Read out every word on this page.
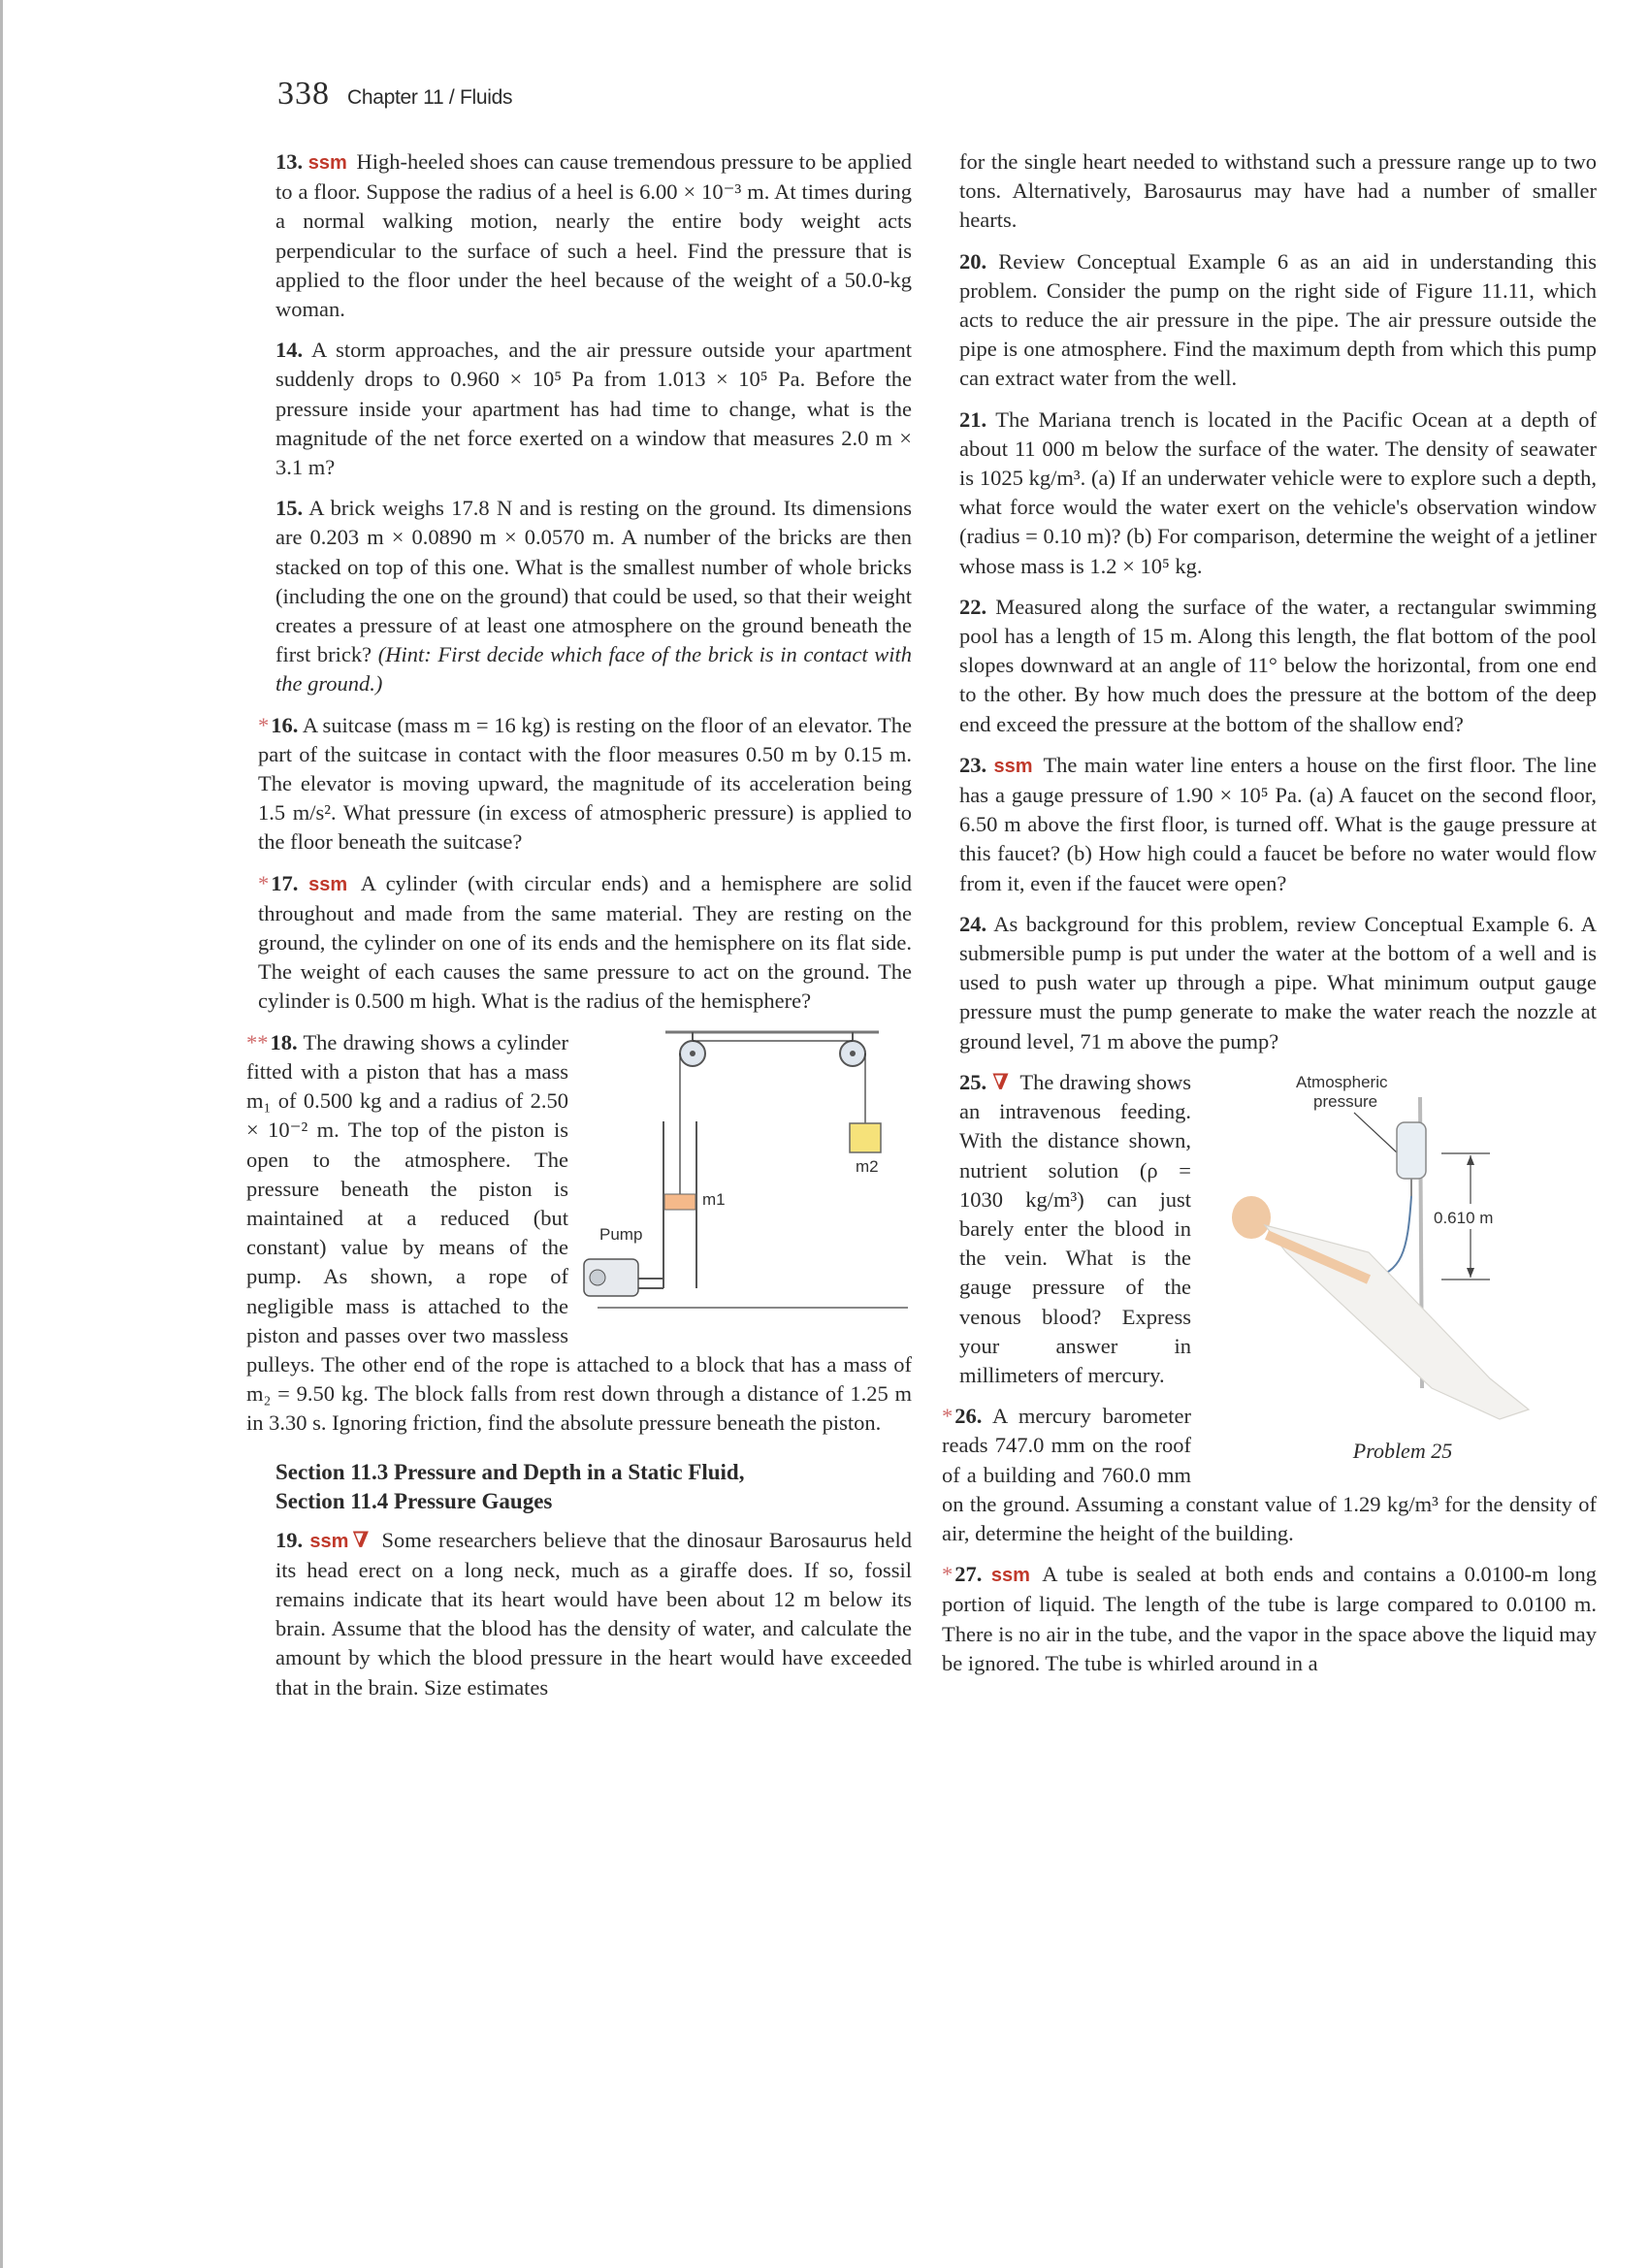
338 Chapter 11 / Fluids

13. ssm High-heeled shoes can cause tremendous pressure to be applied to a floor. Suppose the radius of a heel is 6.00 × 10⁻³ m. At times during a normal walking motion, nearly the entire body weight acts perpendicular to the surface of such a heel. Find the pressure that is applied to the floor under the heel because of the weight of a 50.0-kg woman.

14. A storm approaches, and the air pressure outside your apartment suddenly drops to 0.960 × 10⁵ Pa from 1.013 × 10⁵ Pa. Before the pressure inside your apartment has had time to change, what is the magnitude of the net force exerted on a window that measures 2.0 m × 3.1 m?

15. A brick weighs 17.8 N and is resting on the ground. Its dimensions are 0.203 m × 0.0890 m × 0.0570 m. A number of the bricks are then stacked on top of this one. What is the smallest number of whole bricks (including the one on the ground) that could be used, so that their weight creates a pressure of at least one atmosphere on the ground beneath the first brick? (Hint: First decide which face of the brick is in contact with the ground.)

*16. A suitcase (mass m = 16 kg) is resting on the floor of an elevator. The part of the suitcase in contact with the floor measures 0.50 m by 0.15 m. The elevator is moving upward, the magnitude of its acceleration being 1.5 m/s². What pressure (in excess of atmospheric pressure) is applied to the floor beneath the suitcase?

*17. ssm A cylinder (with circular ends) and a hemisphere are solid throughout and made from the same material. They are resting on the ground, the cylinder on one of its ends and the hemisphere on its flat side. The weight of each causes the same pressure to act on the ground. The cylinder is 0.500 m high. What is the radius of the hemisphere?

m2
m1
Pump
**18. The drawing shows a cylinder fitted with a piston that has a mass m₁ of 0.500 kg and a radius of 2.50 × 10⁻² m. The top of the piston is open to the atmosphere. The pressure beneath the piston is maintained at a reduced (but constant) value by means of the pump. As shown, a rope of negligible mass is attached to the piston and passes over two massless pulleys. The other end of the rope is attached to a block that has a mass of m₂ = 9.50 kg. The block falls from rest down through a distance of 1.25 m in 3.30 s. Ignoring friction, find the absolute pressure beneath the piston.

Section 11.3 Pressure and Depth in a Static Fluid,
Section 11.4 Pressure Gauges

19. ssm ∇ Some researchers believe that the dinosaur Barosaurus held its head erect on a long neck, much as a giraffe does. If so, fossil remains indicate that its heart would have been about 12 m below its brain. Assume that the blood has the density of water, and calculate the amount by which the blood pressure in the heart would have exceeded that in the brain. Size estimates

for the single heart needed to withstand such a pressure range up to two tons. Alternatively, Barosaurus may have had a number of smaller hearts.

20. Review Conceptual Example 6 as an aid in understanding this problem. Consider the pump on the right side of Figure 11.11, which acts to reduce the air pressure in the pipe. The air pressure outside the pipe is one atmosphere. Find the maximum depth from which this pump can extract water from the well.

21. The Mariana trench is located in the Pacific Ocean at a depth of about 11 000 m below the surface of the water. The density of seawater is 1025 kg/m³. (a) If an underwater vehicle were to explore such a depth, what force would the water exert on the vehicle's observation window (radius = 0.10 m)? (b) For comparison, determine the weight of a jetliner whose mass is 1.2 × 10⁵ kg.

22. Measured along the surface of the water, a rectangular swimming pool has a length of 15 m. Along this length, the flat bottom of the pool slopes downward at an angle of 11° below the horizontal, from one end to the other. By how much does the pressure at the bottom of the deep end exceed the pressure at the bottom of the shallow end?

23. ssm The main water line enters a house on the first floor. The line has a gauge pressure of 1.90 × 10⁵ Pa. (a) A faucet on the second floor, 6.50 m above the first floor, is turned off. What is the gauge pressure at this faucet? (b) How high could a faucet be before no water would flow from it, even if the faucet were open?

24. As background for this problem, review Conceptual Example 6. A submersible pump is put under the water at the bottom of a well and is used to push water up through a pipe. What minimum output gauge pressure must the pump generate to make the water reach the nozzle at ground level, 71 m above the pump?

Atmospheric
pressure
0.610 m
Problem 25

25. ∇ The drawing shows an intravenous feeding. With the distance shown, nutrient solution (ρ = 1030 kg/m³) can just barely enter the blood in the vein. What is the gauge pressure of the venous blood? Express your answer in millimeters of mercury.

*26. A mercury barometer reads 747.0 mm on the roof of a building and 760.0 mm on the ground. Assuming a constant value of 1.29 kg/m³ for the density of air, determine the height of the building.

*27. ssm A tube is sealed at both ends and contains a 0.0100-m long portion of liquid. The length of the tube is large compared to 0.0100 m. There is no air in the tube, and the vapor in the space above the liquid may be ignored. The tube is whirled around in a
